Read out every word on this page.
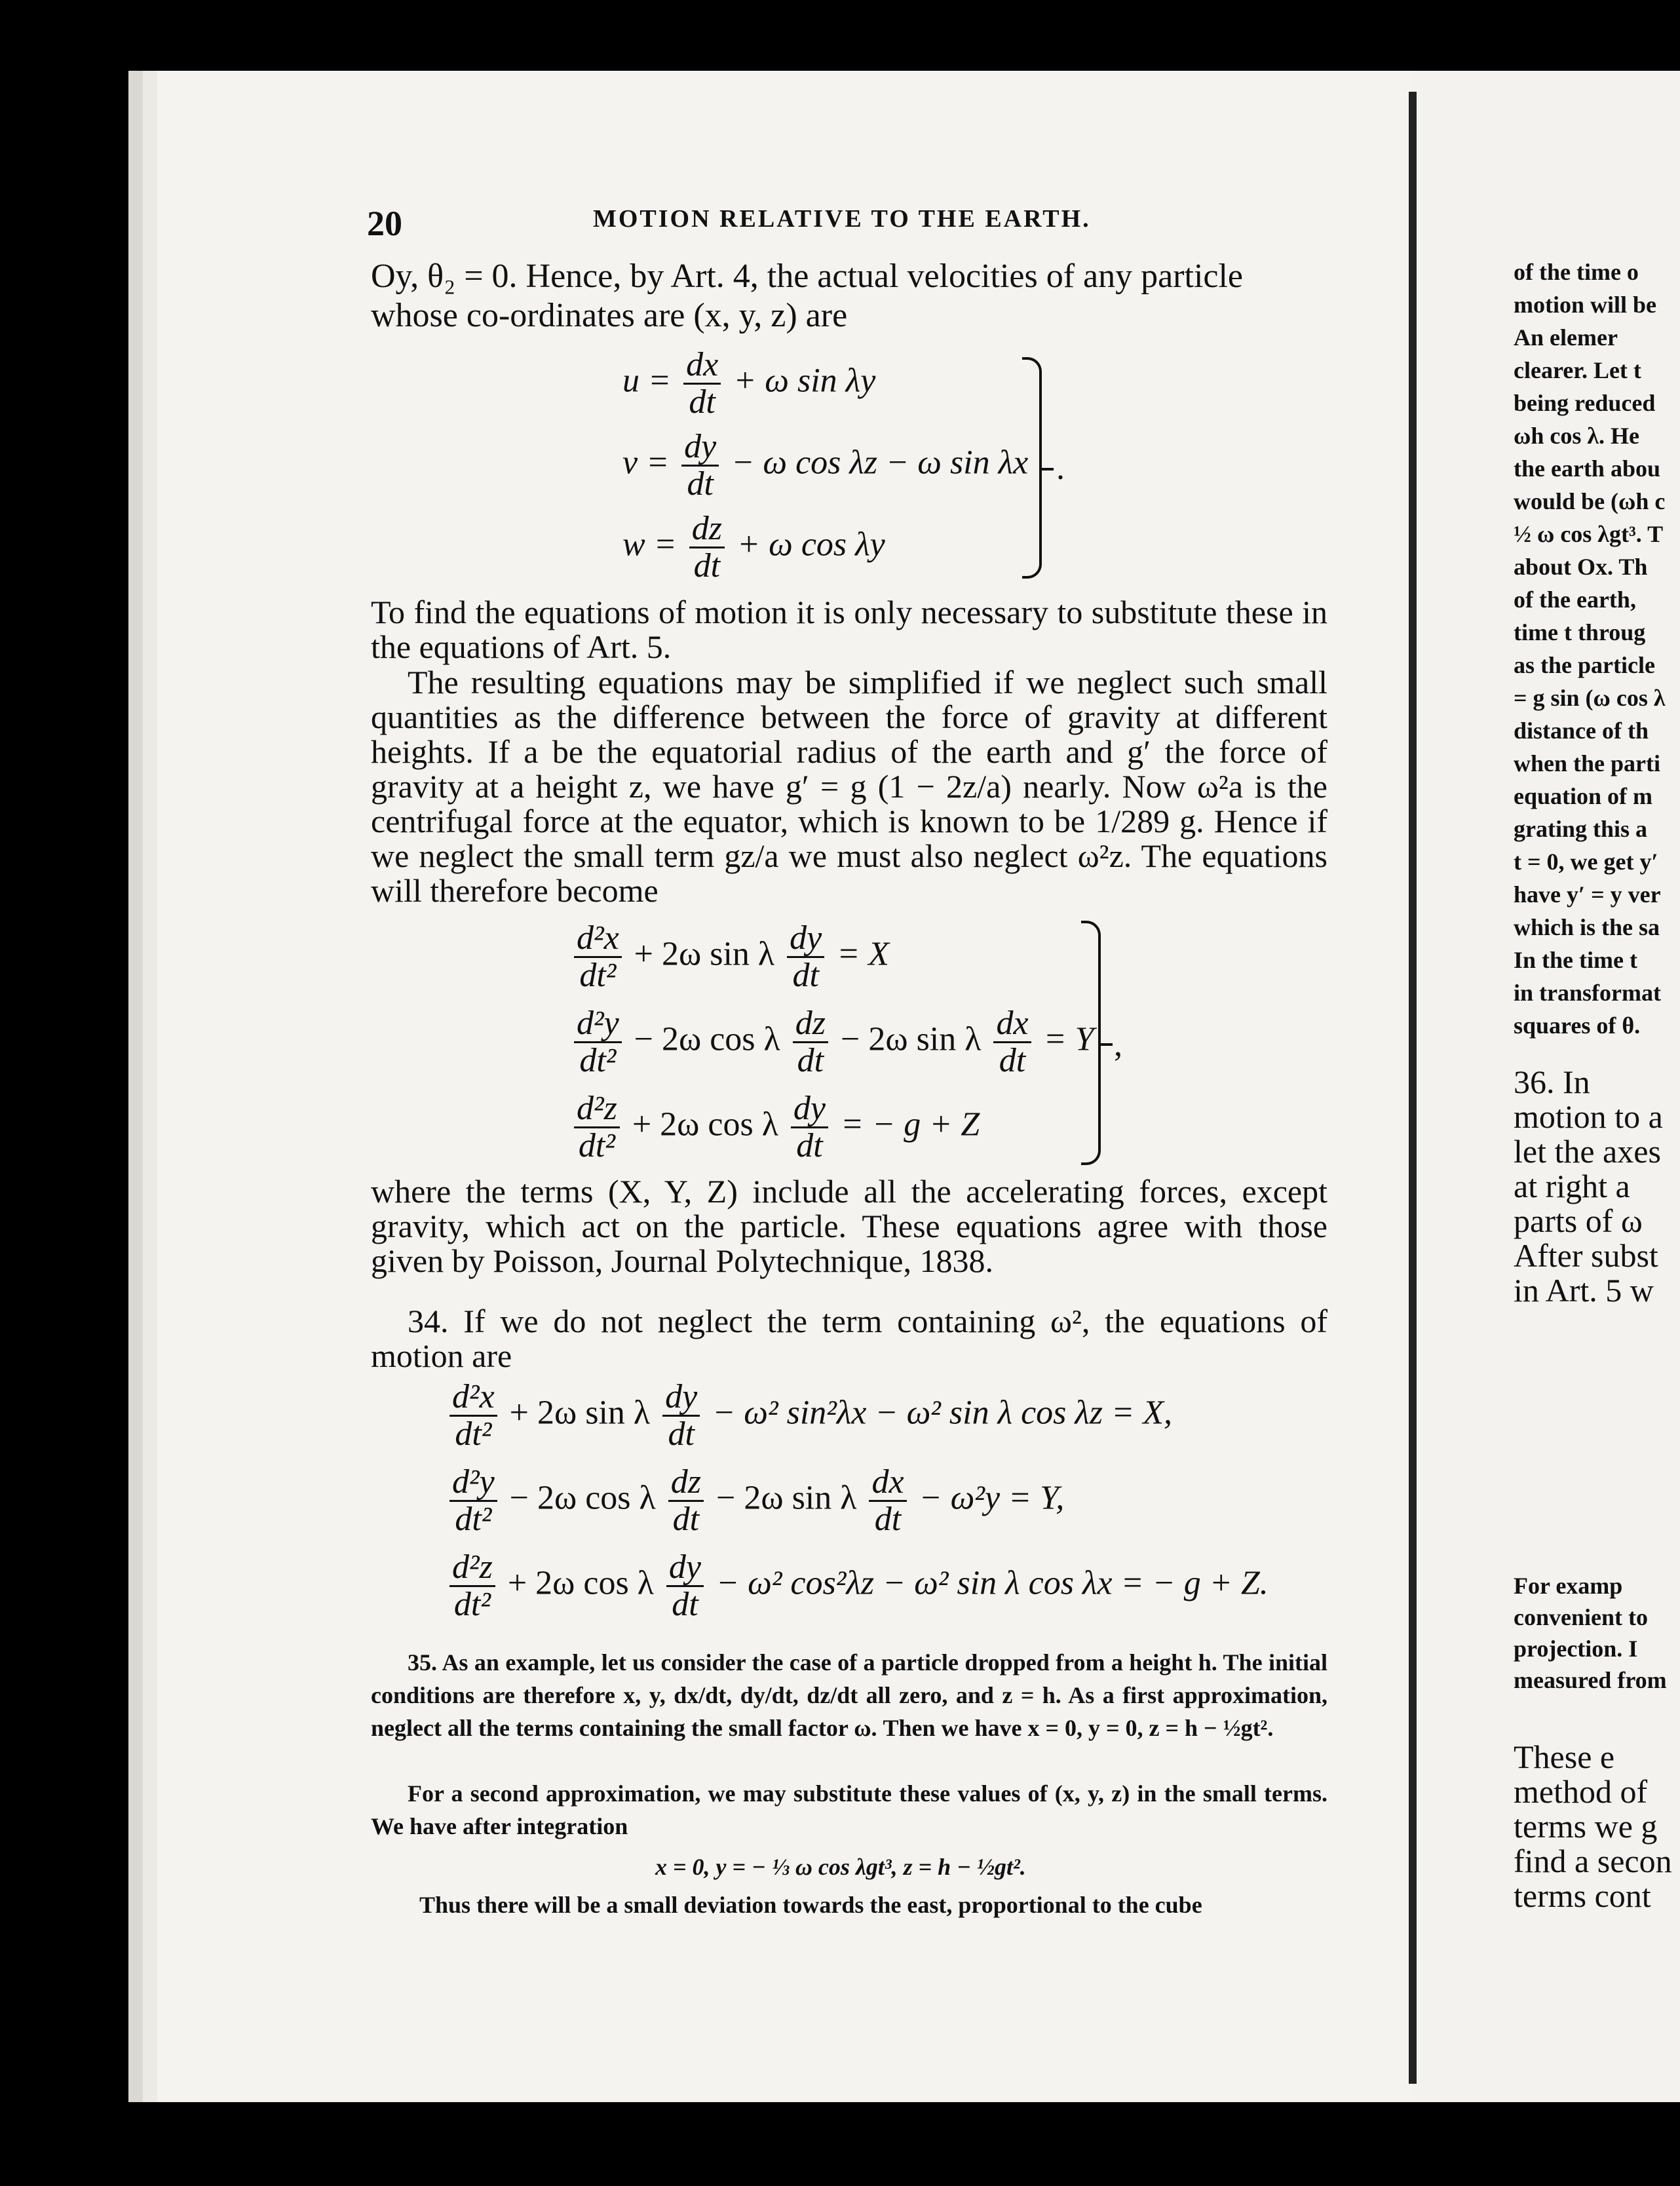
20	MOTION RELATIVE TO THE EARTH.
Oy, θ₂ = 0. Hence, by Art. 4, the actual velocities of any particle
whose co-ordinates are (x, y, z) are
$u = \frac{dx}{dt} + \omega$ sin λy
$v = \frac{dy}{dt} - \omega$ cos λz − ω sin λx
$w = \frac{dz}{dt} + \omega$ cos λy
.
To find the equations of motion it is only necessary to substitute these in the equations of Art. 5.
The resulting equations may be simplified if we neglect such small quantities as the difference between the force of gravity at different heights. If a be the equatorial radius of the earth and g′ the force of gravity at a height z, we have g′ = g (1 − 2z/a) nearly. Now ω²a is the centrifugal force at the equator, which is known to be 1/289 g. Hence if we neglect the small term gz/a we must also neglect ω²z. The equations will therefore become
$\frac{\text{d²x}}{\text{dt²}} + 2\omega$ sin λ $\frac{dy}{dt} = X$
$\frac{\text{d²y}}{\text{dt²}} - 2\omega$ cos λ $\frac{dz}{dt} - 2\omega$ sin λ $\frac{dx}{dt} = Y$
$\frac{\text{d²z}}{\text{dt²}} + 2\omega$ cos λ $\frac{dy}{dt}$ = − g + Z
,
where the terms (X, Y, Z) include all the accelerating forces, except gravity, which act on the particle. These equations agree with those given by Poisson, Journal Polytechnique, 1838.
34. If we do not neglect the term containing ω², the equations of motion are
$\frac{\text{d²x}}{\text{dt²}} + 2\omega$ sin λ $\frac{dy}{dt} - \omega^2$ sin²λx − ω² sin λ cos λz = X,
$\frac{\text{d²y}}{\text{dt²}} - 2\omega$ cos λ $\frac{dz}{dt} - 2\omega$ sin λ $\frac{dx}{dt} - \omega^2y = Y$,
$\frac{\text{d²z}}{\text{dt²}} + 2\omega$ cos λ $\frac{dy}{dt} - \omega^2$ cos²λz − ω² sin λ cos λx = − g + Z.
35. As an example, let us consider the case of a particle dropped from a height h. The initial conditions are therefore x, y, dx/dt, dy/dt, dz/dt all zero, and z = h. As a first approximation, neglect all the terms containing the small factor ω. Then we have x = 0, y = 0, z = h − ½gt².
For a second approximation, we may substitute these values of (x, y, z) in the small terms. We have after integration
x = 0, y = − ⅓ ω cos λgt³, z = h − ½gt².
Thus there will be a small deviation towards the east, proportional to the cube
of the time o
motion will be
An elemer
clearer. Let t
being reduced
ωh cos λ. He
the earth abou
would be (ωh c
½ ω cos λgt³. T
about Ox. Th
of the earth,
time t throug
as the particle
= g sin (ω cos λ
distance of th
when the parti
equation of m
grating this a
t = 0, we get y′
have y′ = y ver
which is the sa
In the time t
in transformat
squares of θ.
36. In
motion to a
let the axes
at right a
parts of ω
After subst
in Art. 5 w
For examp
convenient to
projection. I
measured from
These e
method of
terms we g
find a secon
terms cont
